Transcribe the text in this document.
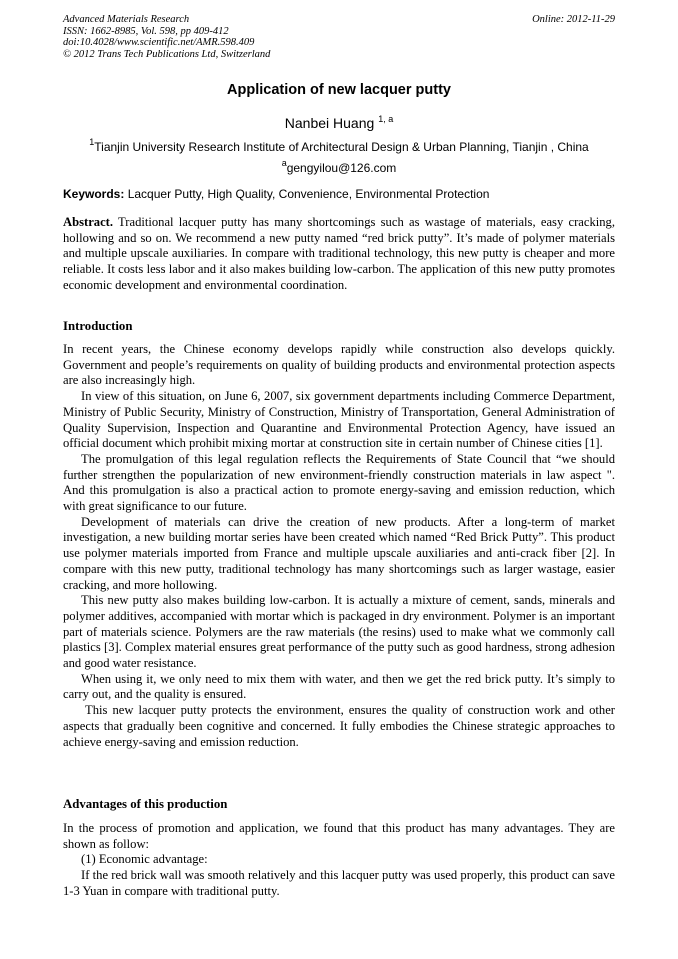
Advanced Materials Research
ISSN: 1662-8985, Vol. 598, pp 409-412
doi:10.4028/www.scientific.net/AMR.598.409
© 2012 Trans Tech Publications Ltd, Switzerland
Online: 2012-11-29
Application of new lacquer putty
Nanbei Huang $^{1, a}$
$^1$Tianjin University Research Institute of Architectural Design & Urban Planning, Tianjin , China
$^a$gengyilou@126.com
Keywords: Lacquer Putty, High Quality, Convenience, Environmental Protection

Abstract. Traditional lacquer putty has many shortcomings such as wastage of materials, easy cracking, hollowing and so on. We recommend a new putty named “red brick putty”. It’s made of polymer materials and multiple upscale auxiliaries. In compare with traditional technology, this new putty is cheaper and more reliable. It costs less labor and it also makes building low-carbon. The application of this new putty promotes economic development and environmental coordination.

Introduction

In recent years, the Chinese economy develops rapidly while construction also develops quickly. Government and people’s requirements on quality of building products and environmental protection aspects are also increasingly high.

In view of this situation, on June 6, 2007, six government departments including Commerce Department, Ministry of Public Security, Ministry of Construction, Ministry of Transportation, General Administration of Quality Supervision, Inspection and Quarantine and Environmental Protection Agency, have issued an official document which prohibit mixing mortar at construction site in certain number of Chinese cities [1].

The promulgation of this legal regulation reflects the Requirements of State Council that “we should further strengthen the popularization of new environment-friendly construction materials in law aspect ". And this promulgation is also a practical action to promote energy-saving and emission reduction, which with great significance to our future.

Development of materials can drive the creation of new products. After a long-term of market investigation, a new building mortar series have been created which named “Red Brick Putty”. This product use polymer materials imported from France and multiple upscale auxiliaries and anti-crack fiber [2]. In compare with this new putty, traditional technology has many shortcomings such as larger wastage, easier cracking, and more hollowing.

This new putty also makes building low-carbon. It is actually a mixture of cement, sands, minerals and polymer additives, accompanied with mortar which is packaged in dry environment. Polymer is an important part of materials science. Polymers are the raw materials (the resins) used to make what we commonly call plastics [3]. Complex material ensures great performance of the putty such as good hardness, strong adhesion and good water resistance.

When using it, we only need to mix them with water, and then we get the red brick putty. It’s simply to carry out, and the quality is ensured.

This new lacquer putty protects the environment, ensures the quality of construction work and other aspects that gradually been cognitive and concerned. It fully embodies the Chinese strategic approaches to achieve energy-saving and emission reduction.

Advantages of this production

In the process of promotion and application, we found that this product has many advantages. They are shown as follow:

(1) Economic advantage:

If the red brick wall was smooth relatively and this lacquer putty was used properly, this product can save 1-3 Yuan in compare with traditional putty.
